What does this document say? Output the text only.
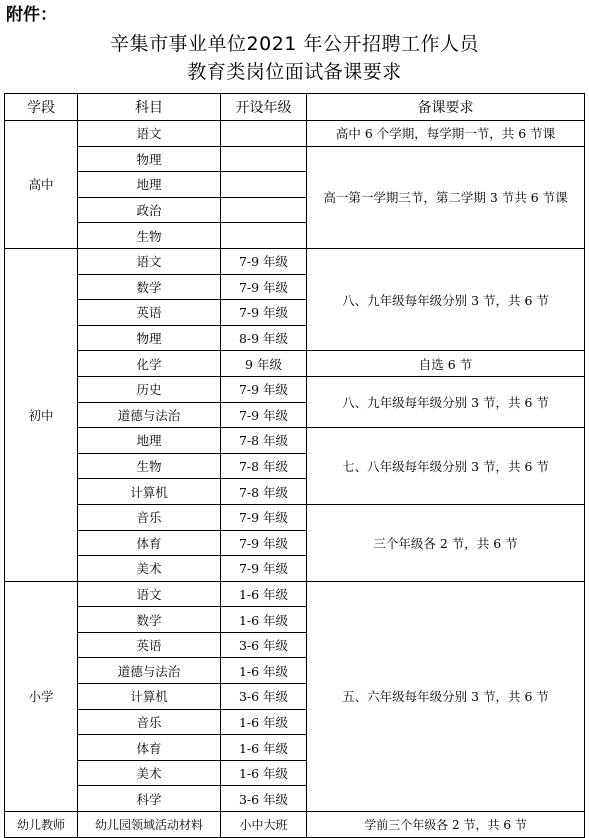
附件：
辛集市事业单位2021 年公开招聘工作人员
教育类岗位面试备课要求
学段	科目	开设年级	备课要求
高中	语文		高中 6 个学期，每学期一节，共 6 节课
	物理		高一第一学期三节，第二学期 3 节共 6 节课
	地理		
	政治		
	生物		
初中	语文	7-9 年级	八、九年级每年级分别 3 节，共 6 节
	数学	7-9 年级	
	英语	7-9 年级	
	物理	8-9 年级	
	化学	9 年级	自选 6 节
	历史	7-9 年级	八、九年级每年级分别 3 节，共 6 节
	道德与法治	7-9 年级	
	地理	7-8 年级	七、八年级每年级分别 3 节，共 6 节
	生物	7-8 年级	
	计算机	7-8 年级	
	音乐	7-9 年级	三个年级各 2 节，共 6 节
	体育	7-9 年级	
	美术	7-9 年级	
小学	语文	1-6 年级	五、六年级每年级分别 3 节，共 6 节
	数学	1-6 年级	
	英语	3-6 年级	
	道德与法治	1-6 年级	
	计算机	3-6 年级	
	音乐	1-6 年级	
	体育	1-6 年级	
	美术	1-6 年级	
	科学	3-6 年级	
幼儿教师	幼儿园领域活动材料	小中大班	学前三个年级各 2 节，共 6 节
